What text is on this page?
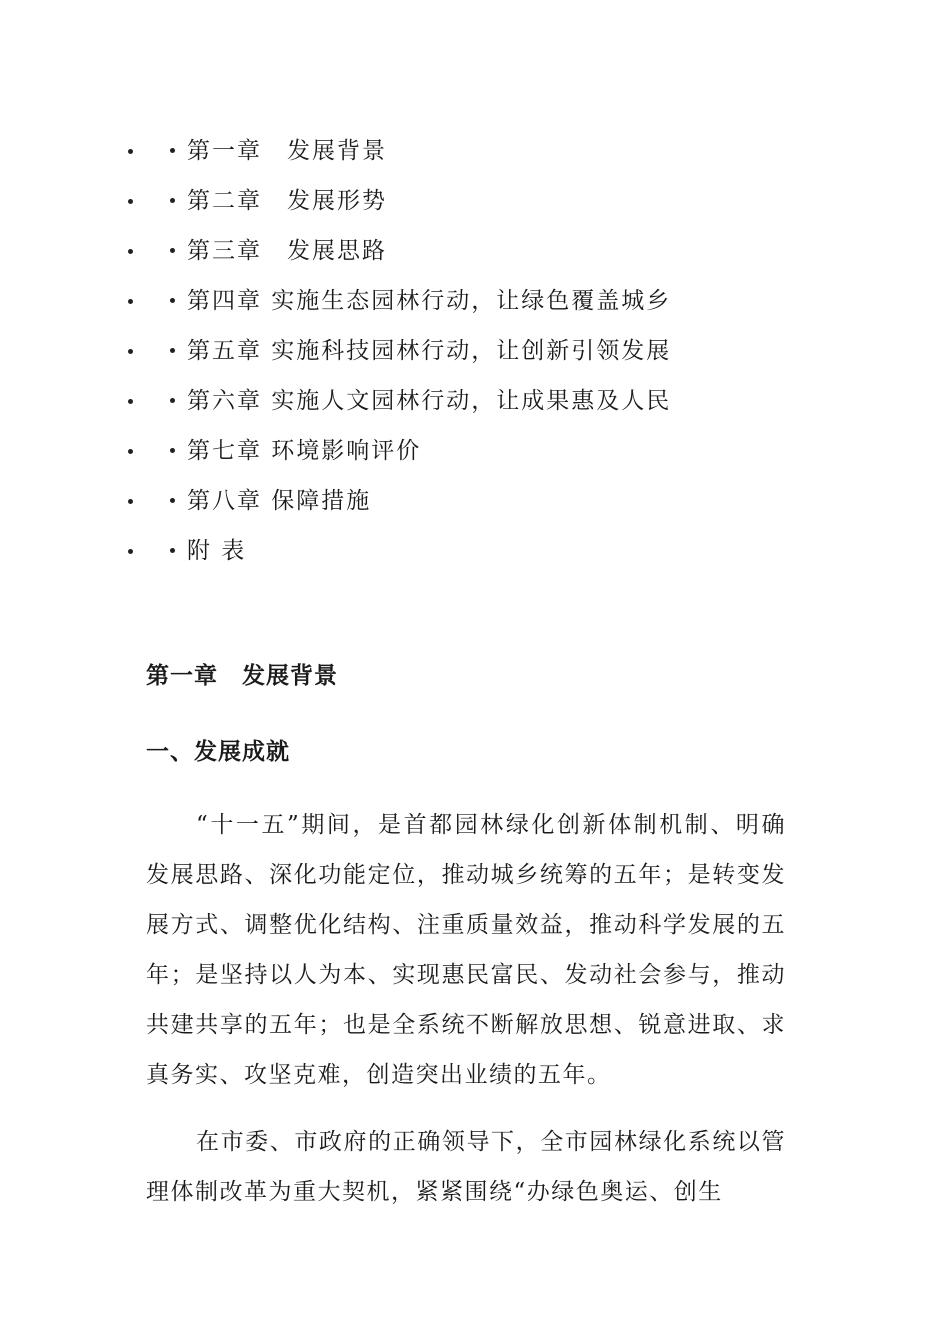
第一章　发展背景
第二章　发展形势
第三章　发展思路
第四章 实施生态园林行动，让绿色覆盖城乡
第五章 实施科技园林行动，让创新引领发展
第六章 实施人文园林行动，让成果惠及人民
第七章 环境影响评价
第八章 保障措施
附 表
第一章　发展背景
一、发展成就

“十一五”期间，是首都园林绿化创新体制机制、明确发展思路、深化功能定位，推动城乡统筹的五年；是转变发展方式、调整优化结构、注重质量效益，推动科学发展的五年；是坚持以人为本、实现惠民富民、发动社会参与，推动共建共享的五年；也是全系统不断解放思想、锐意进取、求真务实、攻坚克难，创造突出业绩的五年。

在市委、市政府的正确领导下，全市园林绿化系统以管理体制改革为重大契机，紧紧围绕“办绿色奥运、创生
